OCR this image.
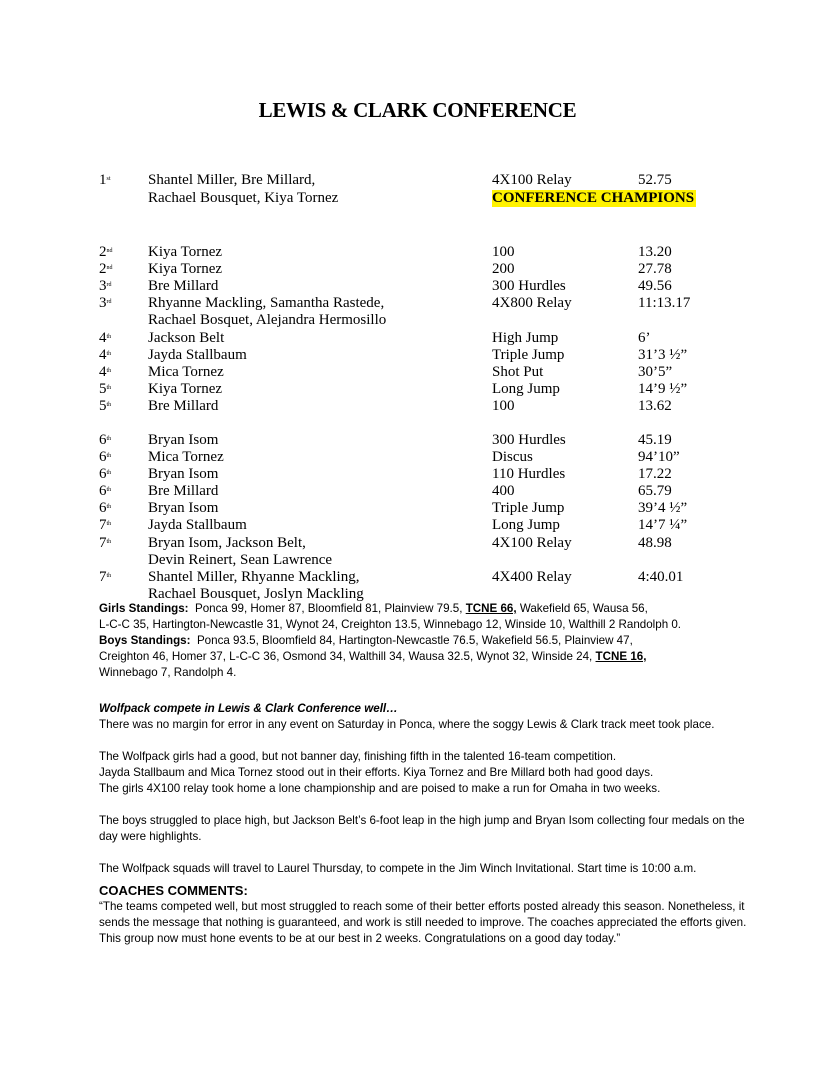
LEWIS & CLARK CONFERENCE
1st Shantel Miller, Bre Millard,	4X100 Relay	52.75
Rachael Bousquet, Kiya Tornez	CONFERENCE CHAMPIONS
2nd Kiya Tornez	100	13.20
2nd Kiya Tornez	200	27.78
3rd Bre Millard	300 Hurdles	49.56
3rd Rhyanne Mackling, Samantha Rastede,	4X800 Relay	11:13.17
Rachael Bosquet, Alejandra Hermosillo
4th Jackson Belt	High Jump	6’
4th Jayda Stallbaum	Triple Jump	31’3 ½”
4th Mica Tornez	Shot Put	30’5”
5th Kiya Tornez	Long Jump	14’9 ½”
5th Bre Millard	100	13.62
6th Bryan Isom	300 Hurdles	45.19
6th Mica Tornez	Discus	94’10”
6th Bryan Isom	110 Hurdles	17.22
6th Bre Millard	400	65.79
6th Bryan Isom	Triple Jump	39’4 ½”
7th Jayda Stallbaum	Long Jump	14’7 ¼”
7th Bryan Isom, Jackson Belt,	4X100 Relay	48.98
Devin Reinert, Sean Lawrence
7th Shantel Miller, Rhyanne Mackling,	4X400 Relay	4:40.01
Rachael Bousquet, Joslyn Mackling
Girls Standings: Ponca 99, Homer 87, Bloomfield 81, Plainview 79.5, TCNE 66, Wakefield 65, Wausa 56,
L-C-C 35, Hartington-Newcastle 31, Wynot 24, Creighton 13.5, Winnebago 12, Winside 10, Walthill 2 Randolph 0.
Boys Standings: Ponca 93.5, Bloomfield 84, Hartington-Newcastle 76.5, Wakefield 56.5, Plainview 47,
Creighton 46, Homer 37, L-C-C 36, Osmond 34, Walthill 34, Wausa 32.5, Wynot 32, Winside 24, TCNE 16,
Winnebago 7, Randolph 4.

Wolfpack compete in Lewis & Clark Conference well…

There was no margin for error in any event on Saturday in Ponca, where the soggy Lewis & Clark track meet took place.

The Wolfpack girls had a good, but not banner day, finishing fifth in the talented 16-team competition.

Jayda Stallbaum and Mica Tornez stood out in their efforts. Kiya Tornez and Bre Millard both had good days.

The girls 4X100 relay took home a lone championship and are poised to make a run for Omaha in two weeks.

The boys struggled to place high, but Jackson Belt’s 6-foot leap in the high jump and Bryan Isom collecting four medals on the

day were highlights.

The Wolfpack squads will travel to Laurel Thursday, to compete in the Jim Winch Invitational. Start time is 10:00 a.m.

COACHES COMMENTS:

“The teams competed well, but most struggled to reach some of their better efforts posted already this season. Nonetheless, it

sends the message that nothing is guaranteed, and work is still needed to improve. The coaches appreciated the efforts given.

This group now must hone events to be at our best in 2 weeks. Congratulations on a good day today.”
